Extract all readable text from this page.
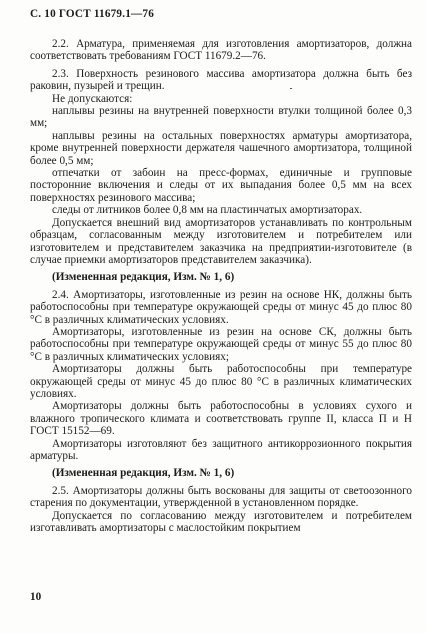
С. 10 ГОСТ 11679.1—76

2.2. Арматура, применяемая для изготовления амортизаторов, должна соответствовать требованиям ГОСТ 11679.2—76.

2.3. Поверхность резинового массива амортизатора должна быть без раковин, пузырей и трещин.

Не допускаются:

наплывы резины на внутренней поверхности втулки толщиной более 0,3 мм;

наплывы резины на остальных поверхностях арматуры амортизатора, кроме внутренней поверхности держателя чашечного амортизатора, толщиной более 0,5 мм;

отпечатки от забоин на пресс-формах, единичные и групповые посторонние включения и следы от их выпадания более 0,5 мм на всех поверхностях резинового массива;

следы от литников более 0,8 мм на пластинчатых амортизаторах.

Допускается внешний вид амортизаторов устанавливать по контрольным образцам, согласованным между изготовителем и потребителем или изготовителем и представителем заказчика на предприятии-изготовителе (в случае приемки амортизаторов представителем заказчика).

(Измененная редакция, Изм. № 1, 6)

2.4. Амортизаторы, изготовленные из резин на основе НК, должны быть работоспособны при температуре окружающей среды от минус 45 до плюс 80 °С в различных климатических условиях.

Амортизаторы, изготовленные из резин на основе СК, должны быть работоспособны при температуре окружающей среды от минус 55 до плюс 80 °С в различных климатических условиях;

Амортизаторы должны быть работоспособны при температуре окружающей среды от минус 45 до плюс 80 °С в различных климатических условиях.

Амортизаторы должны быть работоспособны в условиях сухого и влажного тропического климата и соответствовать группе II, класса П и Н ГОСТ 15152—69.

Амортизаторы изготовляют без защитного антикоррозионного покрытия арматуры.

(Измененная редакция, Изм. № 1, 6)

2.5. Амортизаторы должны быть воскованы для защиты от светоозонного старения по документации, утвержденной в установленном порядке.

Допускается по согласованию между изготовителем и потребителем изготавливать амортизаторы с маслостойким покрытием

10
